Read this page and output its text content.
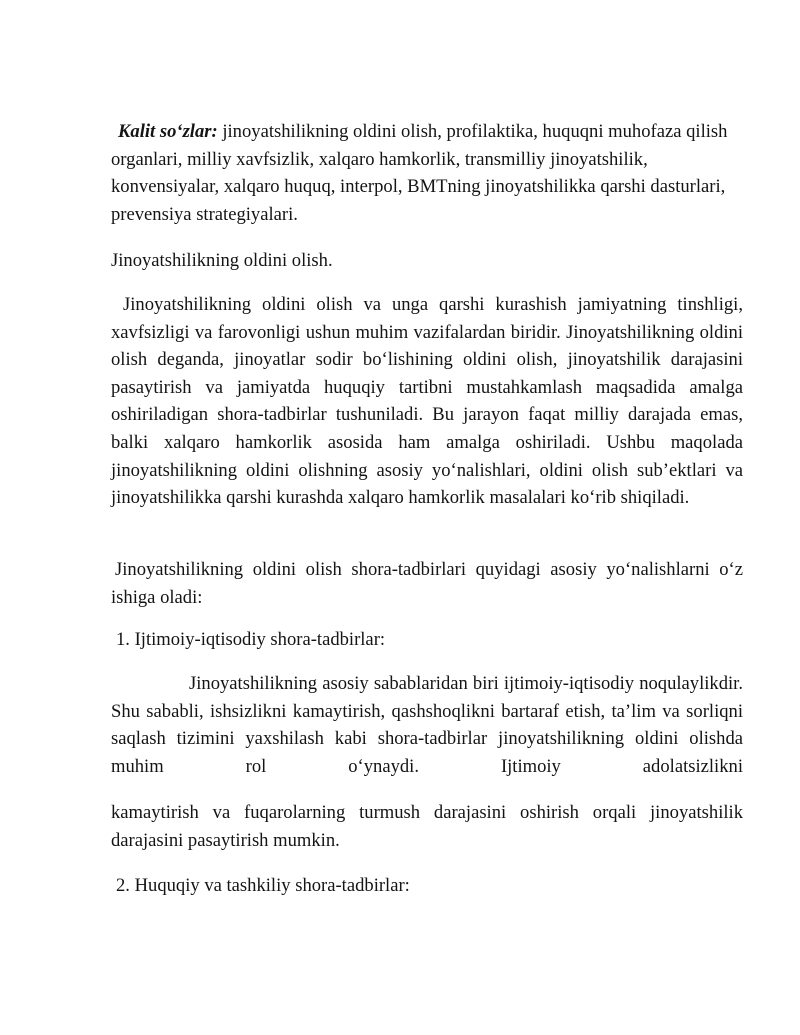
Kalit so‘zlar: jinoyatshilikning oldini olish, profilaktika, huquqni muhofaza qilish organlari, milliy xavfsizlik, xalqaro hamkorlik, transmilliy jinoyatshilik, konvensiyalar, xalqaro huquq, interpol, BMTning jinoyatshilikka qarshi dasturlari, prevensiya strategiyalari.

Jinoyatshilikning oldini olish.

Jinoyatshilikning oldini olish va unga qarshi kurashish jamiyatning tinshligi, xavfsizligi va farovonligi ushun muhim vazifalardan biridir. Jinoyatshilikning oldini olish deganda, jinoyatlar sodir bo‘lishining oldini olish, jinoyatshilik darajasini pasaytirish va jamiyatda huquqiy tartibni mustahkamlash maqsadida amalga oshiriladigan shora-tadbirlar tushuniladi. Bu jarayon faqat milliy darajada emas, balki xalqaro hamkorlik asosida ham amalga oshiriladi. Ushbu maqolada jinoyatshilikning oldini olishning asosiy yo‘nalishlari, oldini olish sub’ektlari va jinoyatshilikka qarshi kurashda xalqaro hamkorlik masalalari ko‘rib shiqiladi.

Jinoyatshilikning oldini olish shora-tadbirlari quyidagi asosiy yo‘nalishlarni o‘z ishiga oladi:

1. Ijtimoiy-iqtisodiy shora-tadbirlar:

Jinoyatshilikning asosiy sabablaridan biri ijtimoiy-iqtisodiy noqulaylikdir. Shu sababli, ishsizlikni kamaytirish, qashshoqlikni bartaraf etish, ta’lim va sorliqni saqlash tizimini yaxshilash kabi shora-tadbirlar jinoyatshilikning oldini olishda muhim rol o‘ynaydi. Ijtimoiy adolatsizlikni

kamaytirish va fuqarolarning turmush darajasini oshirish orqali jinoyatshilik darajasini pasaytirish mumkin.

2. Huquqiy va tashkiliy shora-tadbirlar:
